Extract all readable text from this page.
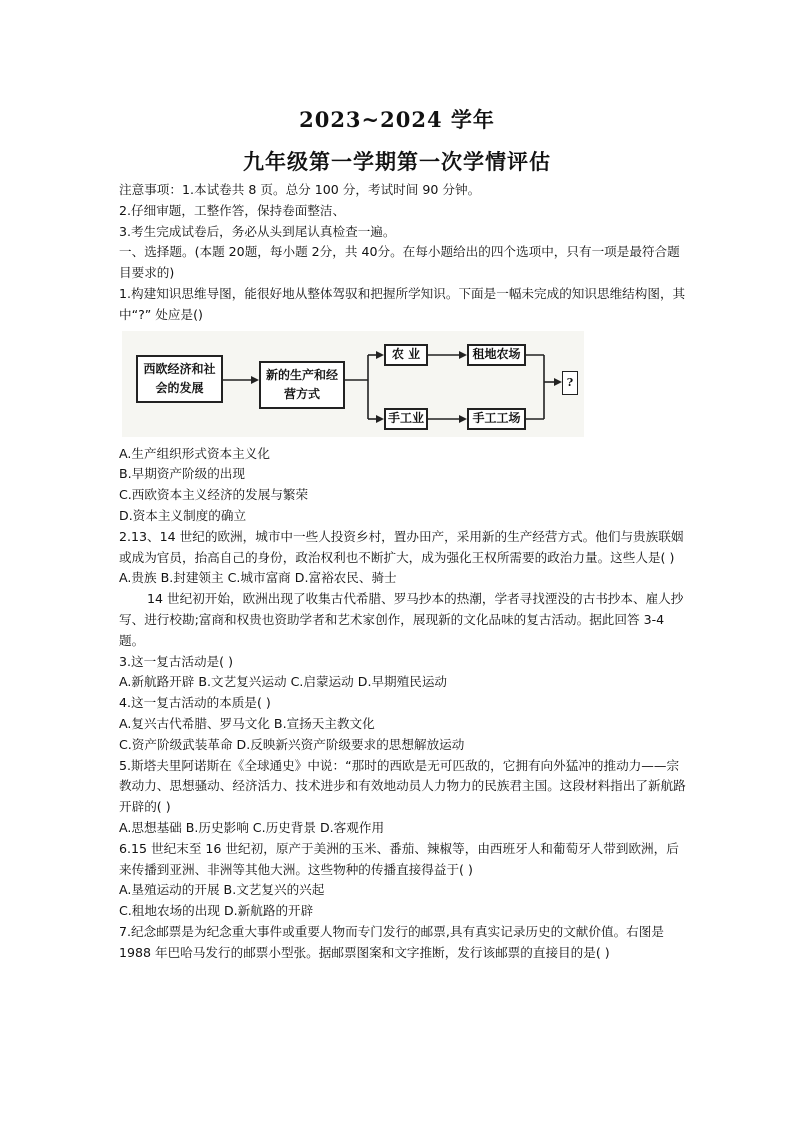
2023~2024 学年
九年级第一学期第一次学情评估

注意事项：1.本试卷共 8 页。总分 100 分，考试时间 90 分钟。

2.仔细审题，工整作答，保持卷面整洁、

3.考生完成试卷后，务必从头到尾认真检查一遍。

一、选择题。(本题 20题，每小题 2分，共 40分。在每小题给出的四个选项中，只有一项是最符合题目要求的)

1.构建知识思维导图，能很好地从整体驾驭和把握所学知识。下面是一幅未完成的知识思维结构图，其中“?” 处应是()

西欧经济和社会的发展
新的生产和经营方式
农 业	租地农场
手工业	手工工场
?

A.生产组织形式资本主义化

B.早期资产阶级的出现

C.西欧资本主义经济的发展与繁荣

D.资本主义制度的确立

2.13、14 世纪的欧洲，城市中一些人投资乡村，置办田产，采用新的生产经营方式。他们与贵族联姻或成为官员，抬高自己的身份，政治权利也不断扩大，成为强化王权所需要的政治力量。这些人是( )

A.贵族 B.封建领主 C.城市富商 D.富裕农民、骑士

14 世纪初开始，欧洲出现了收集古代希腊、罗马抄本的热潮，学者寻找湮没的古书抄本、雇人抄写、进行校勘;富商和权贵也资助学者和艺术家创作，展现新的文化品味的复古活动。据此回答 3-4 题。

3.这一复古活动是( )

A.新航路开辟 B.文艺复兴运动 C.启蒙运动 D.早期殖民运动

4.这一复古活动的本质是( )

A.复兴古代希腊、罗马文化 B.宣扬天主教文化

C.资产阶级武装革命 D.反映新兴资产阶级要求的思想解放运动

5.斯塔夫里阿诺斯在《全球通史》中说：“那时的西欧是无可匹敌的，它拥有向外猛冲的推动力——宗教动力、思想骚动、经济活力、技术进步和有效地动员人力物力的民族君主国。这段材料指出了新航路开辟的( )

A.思想基础 B.历史影响 C.历史背景 D.客观作用

6.15 世纪末至 16 世纪初，原产于美洲的玉米、番茄、辣椒等，由西班牙人和葡萄牙人带到欧洲，后来传播到亚洲、非洲等其他大洲。这些物种的传播直接得益于( )

A.垦殖运动的开展 B.文艺复兴的兴起

C.租地农场的出现 D.新航路的开辟

7.纪念邮票是为纪念重大事件或重要人物而专门发行的邮票,具有真实记录历史的文献价值。右图是 1988 年巴哈马发行的邮票小型张。据邮票图案和文字推断，发行该邮票的直接目的是( )
